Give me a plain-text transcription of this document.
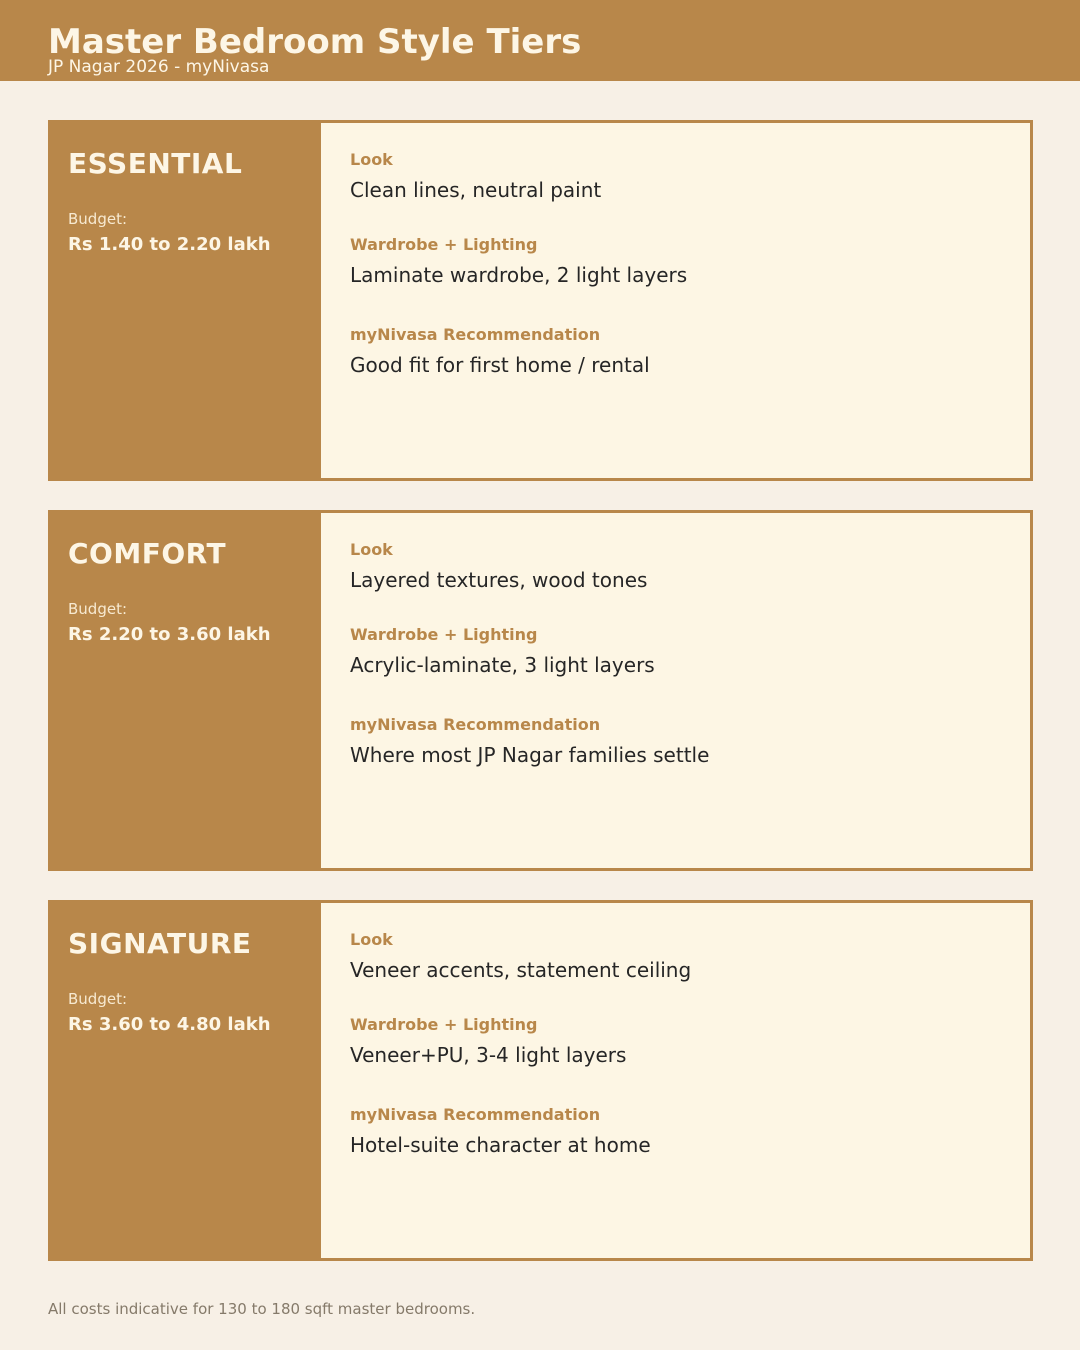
Master Bedroom Style Tiers
JP Nagar 2026 - myNivasa
ESSENTIAL
Budget:
Rs 1.40 to 2.20 lakh
Look
Clean lines, neutral paint
Wardrobe + Lighting
Laminate wardrobe, 2 light layers
myNivasa Recommendation
Good fit for first home / rental
COMFORT
Budget:
Rs 2.20 to 3.60 lakh
Look
Layered textures, wood tones
Wardrobe + Lighting
Acrylic-laminate, 3 light layers
myNivasa Recommendation
Where most JP Nagar families settle
SIGNATURE
Budget:
Rs 3.60 to 4.80 lakh
Look
Veneer accents, statement ceiling
Wardrobe + Lighting
Veneer+PU, 3-4 light layers
myNivasa Recommendation
Hotel-suite character at home
All costs indicative for 130 to 180 sqft master bedrooms.
